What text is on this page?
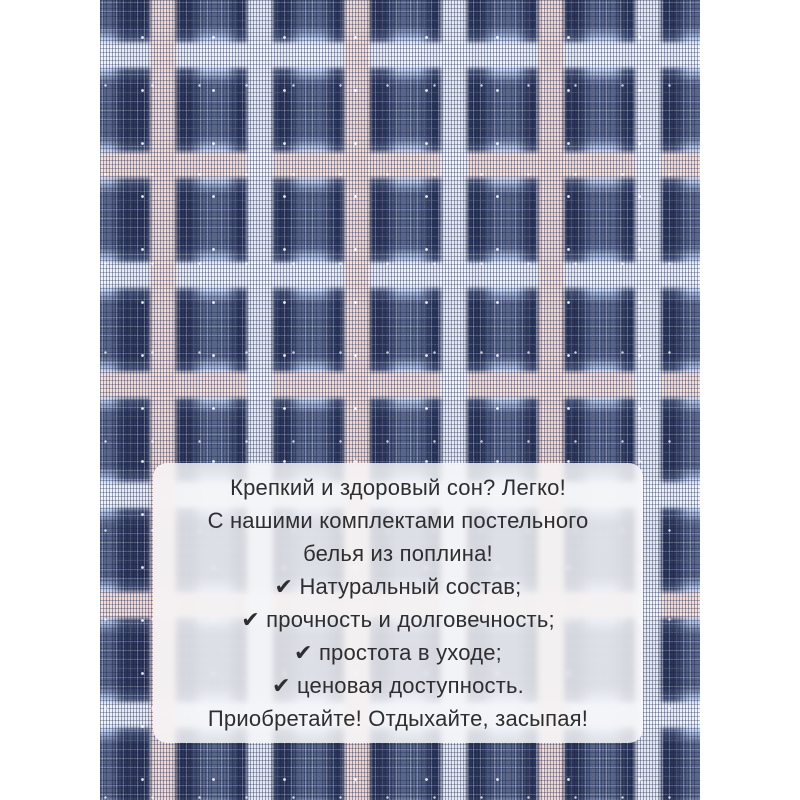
Крепкий и здоровый сон? Легко!
С нашими комплектами постельного
белья из поплина!
✔ Натуральный состав;
✔ прочность и долговечность;
✔ простота в уходе;
✔ ценовая доступность.
Приобретайте! Отдыхайте, засыпая!
